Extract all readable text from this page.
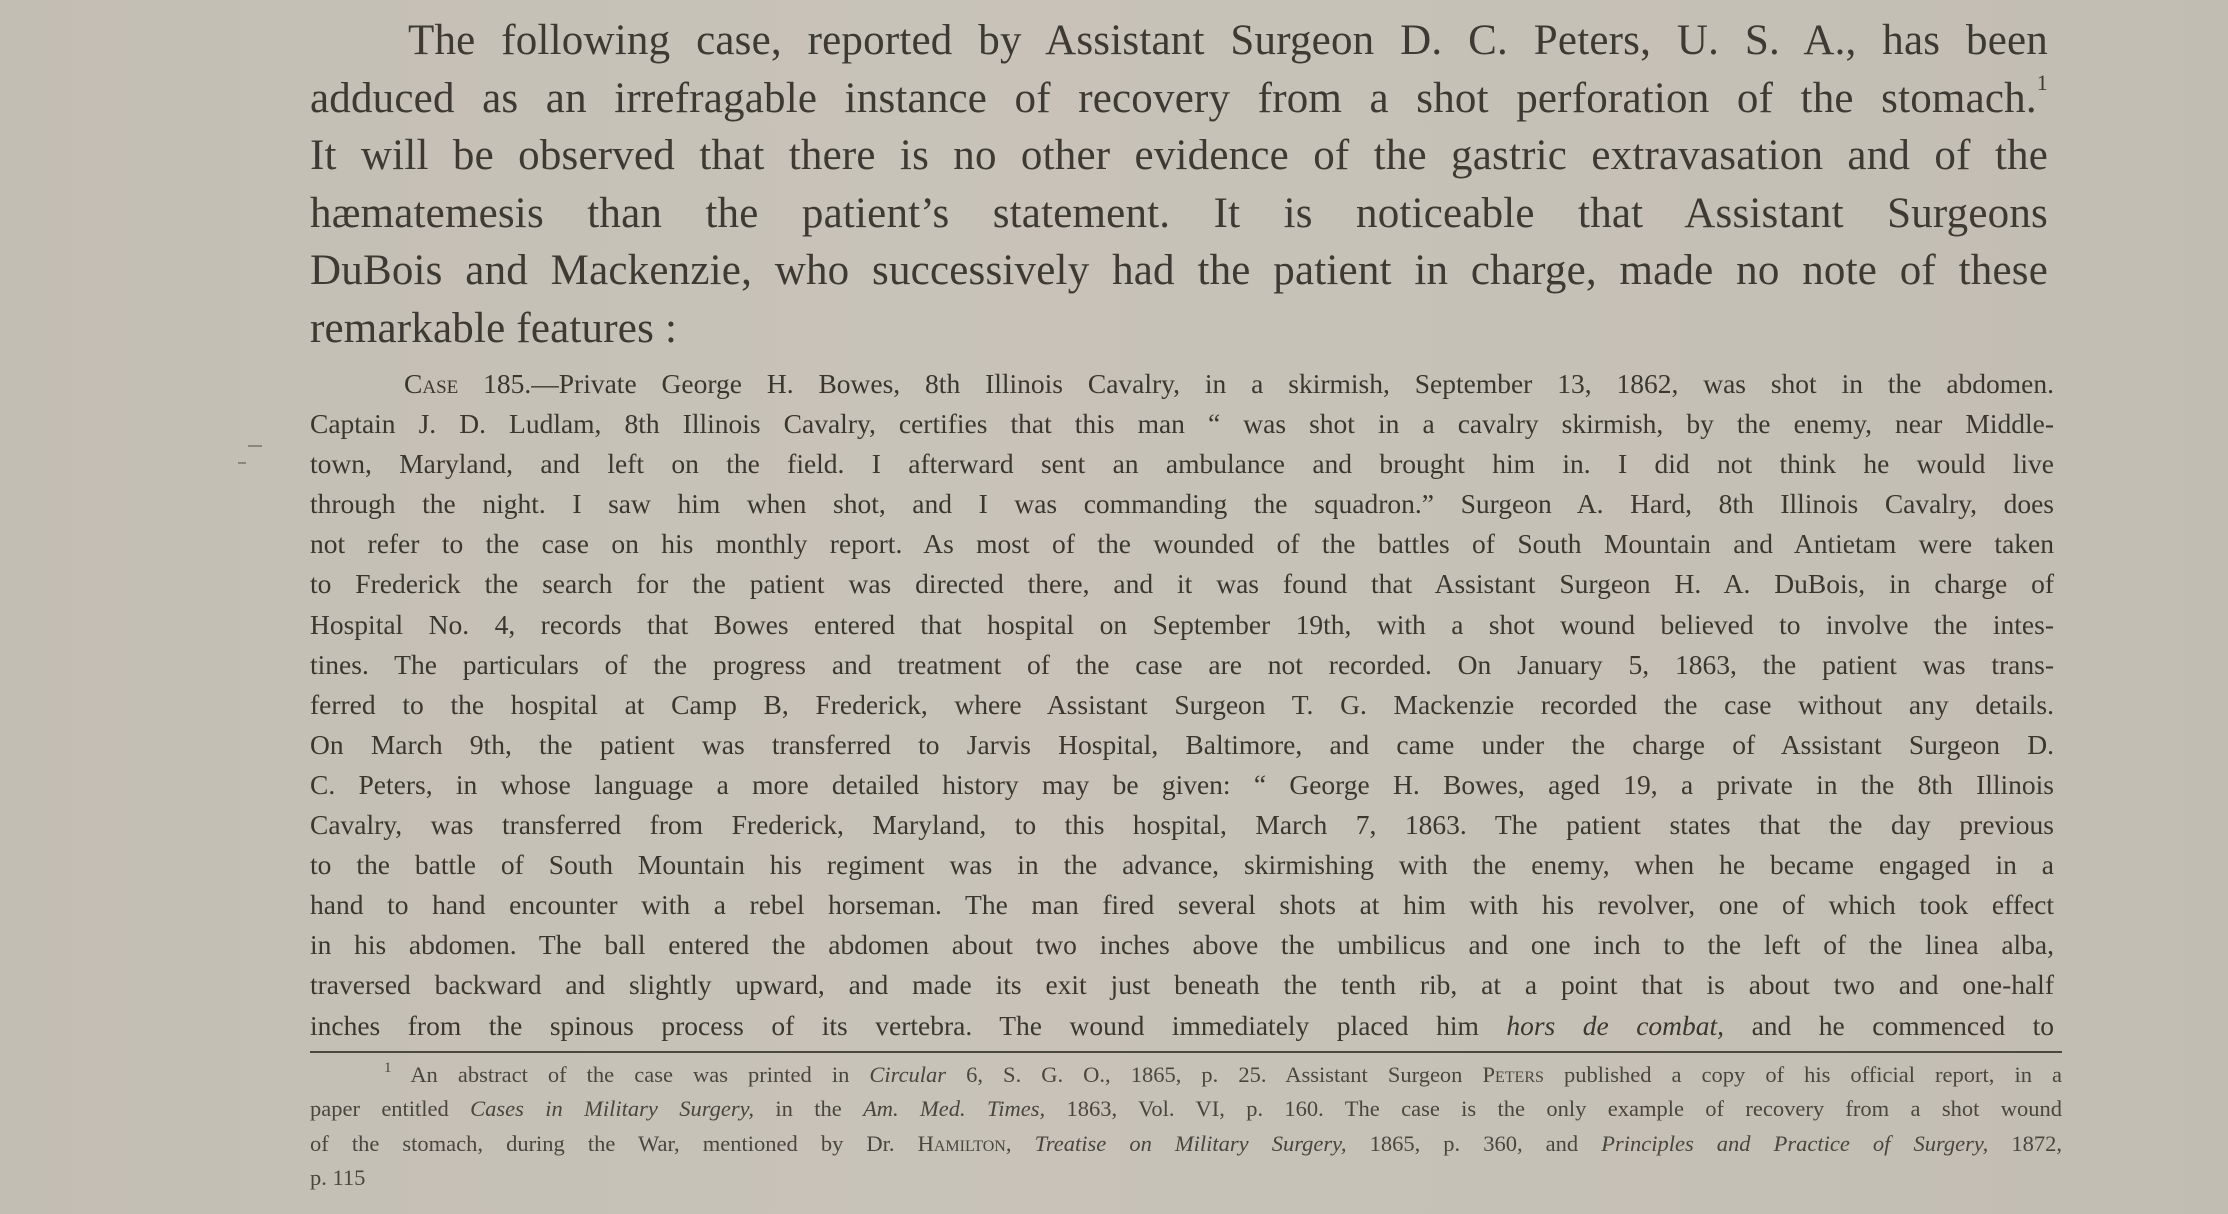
The following case, reported by Assistant Surgeon D. C. Peters, U. S. A., has been
adduced as an irrefragable instance of recovery from a shot perforation of the stomach.$^1$
It will be observed that there is no other evidence of the gastric extravasation and of the
hæmatemesis than the patient’s statement. It is noticeable that Assistant Surgeons
DuBois and Mackenzie, who successively had the patient in charge, made no note of these
remarkable features :
Case 185.—Private George H. Bowes, 8th Illinois Cavalry, in a skirmish, September 13, 1862, was shot in the abdomen.
Captain J. D. Ludlam, 8th Illinois Cavalry, certifies that this man “ was shot in a cavalry skirmish, by the enemy, near Middle-
town, Maryland, and left on the field. I afterward sent an ambulance and brought him in. I did not think he would live
through the night. I saw him when shot, and I was commanding the squadron.” Surgeon A. Hard, 8th Illinois Cavalry, does
not refer to the case on his monthly report. As most of the wounded of the battles of South Mountain and Antietam were taken
to Frederick the search for the patient was directed there, and it was found that Assistant Surgeon H. A. DuBois, in charge of
Hospital No. 4, records that Bowes entered that hospital on September 19th, with a shot wound believed to involve the intes-
tines. The particulars of the progress and treatment of the case are not recorded. On January 5, 1863, the patient was trans-
ferred to the hospital at Camp B, Frederick, where Assistant Surgeon T. G. Mackenzie recorded the case without any details.
On March 9th, the patient was transferred to Jarvis Hospital, Baltimore, and came under the charge of Assistant Surgeon D.
C. Peters, in whose language a more detailed history may be given: “ George H. Bowes, aged 19, a private in the 8th Illinois
Cavalry, was transferred from Frederick, Maryland, to this hospital, March 7, 1863. The patient states that the day previous
to the battle of South Mountain his regiment was in the advance, skirmishing with the enemy, when he became engaged in a
hand to hand encounter with a rebel horseman. The man fired several shots at him with his revolver, one of which took effect
in his abdomen. The ball entered the abdomen about two inches above the umbilicus and one inch to the left of the linea alba,
traversed backward and slightly upward, and made its exit just beneath the tenth rib, at a point that is about two and one-half
inches from the spinous process of its vertebra. The wound immediately placed him hors de combat, and he commenced to
$^1$ An abstract of the case was printed in Circular 6, S. G. O., 1865, p. 25. Assistant Surgeon Peters published a copy of his official report, in a
paper entitled Cases in Military Surgery, in the Am. Med. Times, 1863, Vol. VI, p. 160. The case is the only example of recovery from a shot wound
of the stomach, during the War, mentioned by Dr. Hamilton, Treatise on Military Surgery, 1865, p. 360, and Principles and Practice of Surgery, 1872,
p. 115
